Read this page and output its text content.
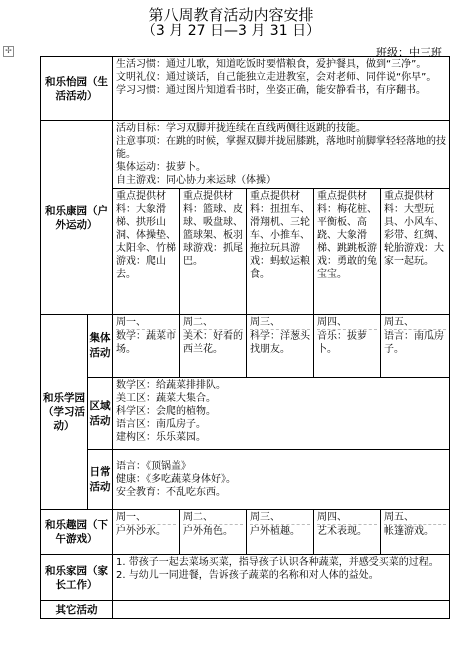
第八周教育活动内容安排
（3 月 27 日—3 月 31 日）
✢	班级：中三班
和乐怡园（生活活动）		生活习惯：通过儿歌，知道吃饭时要惜粮食，爱护餐具，做到“三净”。
文明礼仪：通过谈话，自己能独立走进教室，会对老师、同伴说“你早”。
学习习惯：通过图片知道看书时，坐姿正确，能安静看书，有序翻书。				

和乐康园（户外运动）		活动目标：学习双脚并拢连续在直线两侧往返跳的技能。
注意事项：在跳的时候，掌握双脚并拢屈膝跳，落地时前脚掌轻轻落地的技能。
集体运动：拔萝卜。
自主游戏：同心协力来运球（体操）				

		重点提供材料：大象滑梯、拱形山洞、体操垫、太阳伞、竹梯游戏：爬山去。	重点提供材料：篮球、皮球、吸盘球、篮球架、板羽球游戏：抓尾巴。	重点提供材料：扭扭车、滑翔机、三轮车、小推车、拖拉玩具游戏：蚂蚁运粮食。	重点提供材料：梅花桩、平衡板、高跷、大象滑梯、跳跳板游戏：勇敢的兔宝宝。	重点提供材料：大型玩具、小风车、彩带、红绸、轮胎游戏：大家一起玩。
和乐学园（学习活动）	集体活动	周一、
数学：蔬菜市场。	周二、
美术：好看的西兰花。	周三、
科学：洋葱头找朋友。	周四、
音乐：拔萝卜。	周五、
语言：南瓜房子。
	区域活动	数学区：给蔬菜排排队。
美工区：蔬菜大集合。
科学区：会爬的植物。
语言区：南瓜房子。
建构区：乐乐菜园。				

	日常活动	语言：《顶锅盖》
健康：《多吃蔬菜身体好》。
安全教育：不乱吃东西。				

和乐趣园（下午游戏）		周一、
户外沙水。	周二、
户外角色。	周三、
户外植趣。	周四、
艺术表现。	周五、
帐篷游戏。
和乐家园（家长工作）		1. 带孩子一起去菜场买菜，指导孩子认识各种蔬菜，并感受买菜的过程。
2. 与幼儿一同进餐，告诉孩子蔬菜的名称和对人体的益处。				

其它活动						
